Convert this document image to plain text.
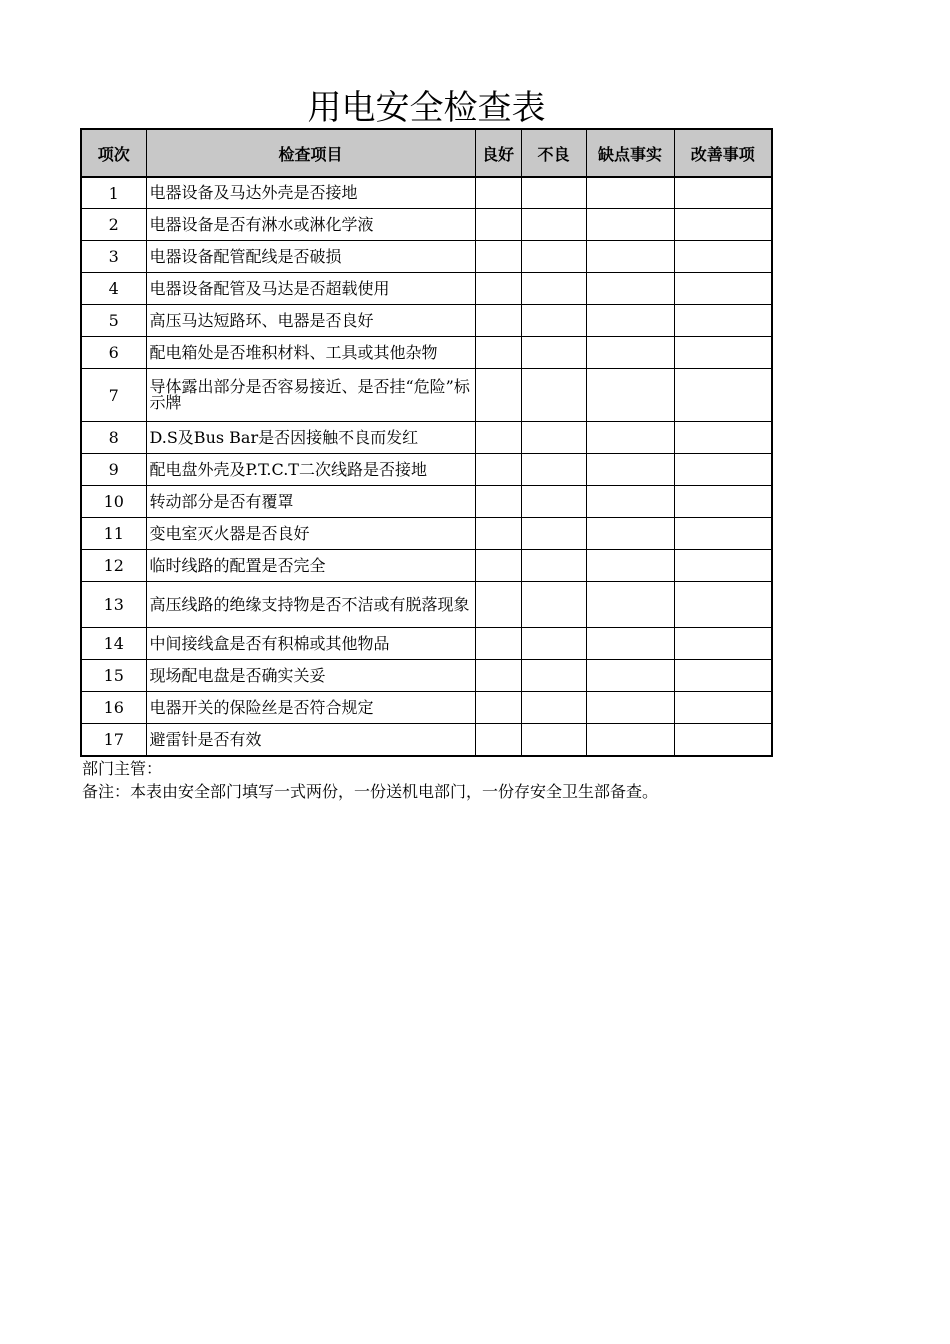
用电安全检查表
项次	检查项目	良好	不良	缺点事实	改善事项
1	电器设备及马达外壳是否接地				
2	电器设备是否有淋水或淋化学液				
3	电器设备配管配线是否破损				
4	电器设备配管及马达是否超载使用				
5	高压马达短路环、电器是否良好				
6	配电箱处是否堆积材料、工具或其他杂物				
7	导体露出部分是否容易接近、是否挂“危险”标示牌				
8	D.S及Bus Bar是否因接触不良而发红				
9	配电盘外壳及P.T.C.T二次线路是否接地				
10	转动部分是否有覆罩				
11	变电室灭火器是否良好				
12	临时线路的配置是否完全				
13	高压线路的绝缘支持物是否不洁或有脱落现象				
14	中间接线盒是否有积棉或其他物品				
15	现场配电盘是否确实关妥				
16	电器开关的保险丝是否符合规定				
17	避雷针是否有效				
部门主管：
备注：本表由安全部门填写一式两份，一份送机电部门，一份存安全卫生部备查。
